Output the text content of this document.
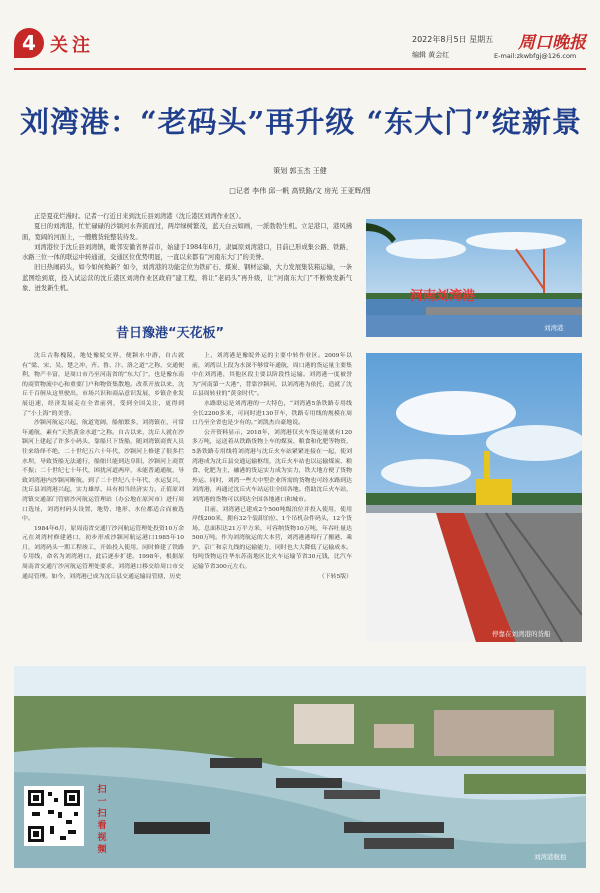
4 关注	2022年8月5日 星期五
编辑 黄会红
周口晚报
E-mail:zkwbfgj@126.com
刘湾港：“老码头”再升级 “东大门”绽新景
策划 郭玉杰 王健
□记者 李伟 邱一帆 高铁路/文 房光 王亚辉/图

正是夏花烂漫时。记者一行近日来到沈丘县刘湾港（沈丘港区刘湾作业区）。

夏日的刘湾港，忙忙碌碌的沙颍河水奔流而过，两岸绿树繁茂，蓝天白云如画，一派勃勃生机。立足港口，港风拂面，宽阔的河面上，一艘艘货轮整装待发。

刘湾港位于沈丘县刘湾镇，毗邻安徽省界首市，始建于1984年6月，隶属原刘湾港口，目前已形成集公路、铁路、水路三位一体的联运中转通道，交通区位优势明显，一直以来都有“河南东大门”的美誉。

旧日热闹码头，如今如何焕新？如今，刘湾港的功能定位为铁矿石、煤炭、钢材运输，大力发展集装箱运输，一条蓝图绘到底，投入试运营的沈丘港区刘湾作业区政府“建工程，将让“老码头”再升级，让“河南东大门”不断焕发新气象、迸发新生机。

昔日豫港“天花板”

沈丘古称槐陵，地处豫皖交界，便颍水中游，自古就有“梁、宋、吴、楚之冲，齐、鲁、汴、洛之道”之称，交通便利，物产丰富，是周口市乃至河南省的“东大门”，也是豫东南的商贸物流中心和重要门户和物资集散地。改革开放以来，沈丘千百舸从这里驶出，市场兴识和商品意识发展，乡镇企业发展迅速，经济发展走在全省前列，受到全国关注，更得到了“小上海”的美誉。

沙颍河航运兴起，航道宽阔，船舶繁多，刘湾镇在，可常年通航，素有“天然黄金水道”之称。自古以来，沈丘人就在沙颍河上建起了许多小码头，靠船只下货船，随刘湾镇商贾人员往来络绎不绝，二十世纪五六十年代，沙颍河上修建了很多拦水坝，导致货船无法通行，船舶只能到达阜阳，沙颍河上商贸不振；二十世纪七十年代，困扰河道两岸，未能普通通航，导致刘湾港内沙颍河断航。到了二十世纪八十年代，水运复兴，沈丘县刘湾港兴起，实力雄厚、具有相当经济实力，正值原刘湾镇交通部门管辖沙河航运管理站（办公地在原河市）进行周口选址，刘湾村码头设置，地势、地形、水位都适合而被选中。

1984年6月，原周南省交通厅沙河航运管理处投资10万余元在刘湾村修建港口，初步形成沙颍河航运港口1985年10月，刘湾码头一期工程竣工，开始投入使用，同时修建了铁路专用线，命名为刘湾港口，此后逐步扩建。1998年，根据原周南省交通厅沙河航运管理处要求，刘湾港口移交给周口市交通局管理。如今，刘湾港已成为沈丘县交通运输局管辖，历史

上，刘湾港是豫皖外运的主要中转作业区。2009年以前，刘湾以上段为水深不够常年通航，周口港的货运量主要集中在刘湾港，其他区段主要以阶段性运输。刘湾港一度被誉为“河南第一大港”，背靠沙颍河，以刘湾港为依托，造就了沈丘县周转业的“黄金时代”。

水路联运是刘湾港的一大特色，“刘湾港5条铁路专用线全长2200多米，可同时进130节车，铁路专用线的规模在周口乃至全省也是少有的。”刘凯杰自豪地说。

公开资料显示，2018年，刘湾港仅火车货运量就有120多万吨，运送着从铁路货物上车的煤炭、粮食和化肥等物资，5条铁路专用线将刘湾港与沈丘火车站紧紧连接在一起，使刘湾港成为沈丘县交通运输枢纽，沈丘火车站也以运输煤炭、粮食、化肥为主，融港的货运实力成为实力，铁大地方便了货物外运。同时，刘湾一些大中型企业所需的货物也可经水路到达刘湾港，再通过沈丘火车站运往全国各地。借助沈丘火车站，刘湾港的货物可以到达全国各地港口和城市。

目前，刘湾港已建成2个500吨级泊位并投入使用，使用岸线200米，拥有32个装卸泊位、1个吊机杂件码头，12个货场，总面积达21万平方米，可容纳货物10万吨，年吞吐量达500万吨。作为刘湾航运的大本营，刘湾港港埠行了搬港、乘沪、京广和京九线的运输能力，同时也大大降低了运输成本。每吨货物运往华东苏南地区比火车运输节省30元钱，比汽车运输节省300元左右。

（下转5版）

河南刘湾港
刘湾港
停靠在刘湾港的货船
刘湾港航拍
扫一扫看视频
